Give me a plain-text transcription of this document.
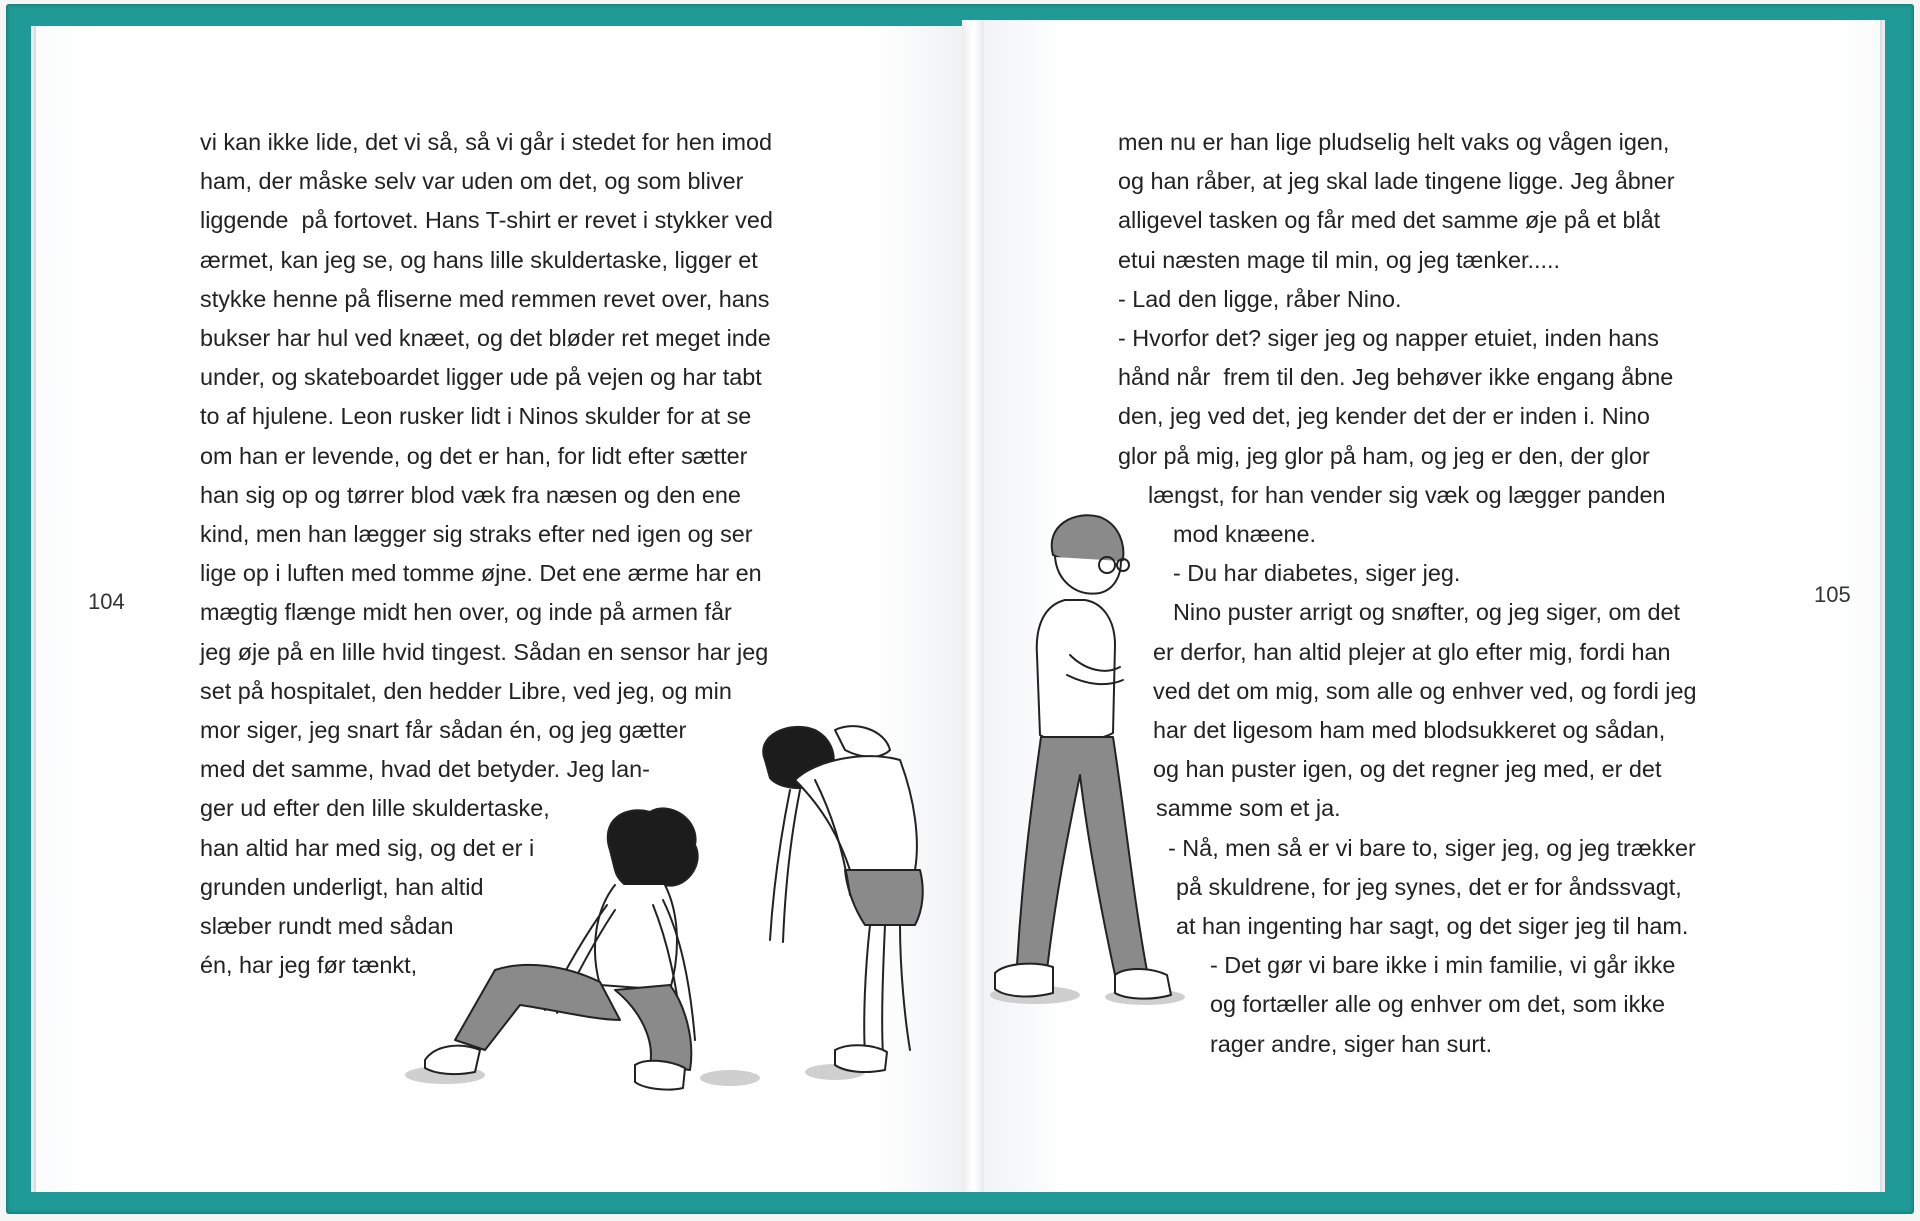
vi kan ikke lide, det vi så, så vi går i stedet for hen imod
ham, der måske selv var uden om det, og som bliver
liggende  på fortovet. Hans T-shirt er revet i stykker ved
ærmet, kan jeg se, og hans lille skuldertaske, ligger et
stykke henne på fliserne med remmen revet over, hans
bukser har hul ved knæet, og det bløder ret meget inde
under, og skateboardet ligger ude på vejen og har tabt
to af hjulene. Leon rusker lidt i Ninos skulder for at se
om han er levende, og det er han, for lidt efter sætter
han sig op og tørrer blod væk fra næsen og den ene
kind, men han lægger sig straks efter ned igen og ser
lige op i luften med tomme øjne. Det ene ærme har en
mægtig flænge midt hen over, og inde på armen får
jeg øje på en lille hvid tingest. Sådan en sensor har jeg
set på hospitalet, den hedder Libre, ved jeg, og min
mor siger, jeg snart får sådan én, og jeg gætter
med det samme, hvad det betyder. Jeg lan-
ger ud efter den lille skuldertaske,
han altid har med sig, og det er i
grunden underligt, han altid
slæber rundt med sådan
én, har jeg før tænkt,
104
men nu er han lige pludselig helt vaks og vågen igen,
og han råber, at jeg skal lade tingene ligge. Jeg åbner
alligevel tasken og får med det samme øje på et blåt
etui næsten mage til min, og jeg tænker.....
- Lad den ligge, råber Nino.
- Hvorfor det? siger jeg og napper etuiet, inden hans
hånd når  frem til den. Jeg behøver ikke engang åbne
den, jeg ved det, jeg kender det der er inden i. Nino
glor på mig, jeg glor på ham, og jeg er den, der glor
længst, for han vender sig væk og lægger panden
mod knæene.
- Du har diabetes, siger jeg.
Nino puster arrigt og snøfter, og jeg siger, om det
er derfor, han altid plejer at glo efter mig, fordi han
ved det om mig, som alle og enhver ved, og fordi jeg
har det ligesom ham med blodsukkeret og sådan,
og han puster igen, og det regner jeg med, er det
samme som et ja.
- Nå, men så er vi bare to, siger jeg, og jeg trækker
på skuldrene, for jeg synes, det er for åndssvagt,
at han ingenting har sagt, og det siger jeg til ham.
- Det gør vi bare ikke i min familie, vi går ikke
og fortæller alle og enhver om det, som ikke
rager andre, siger han surt.
105
